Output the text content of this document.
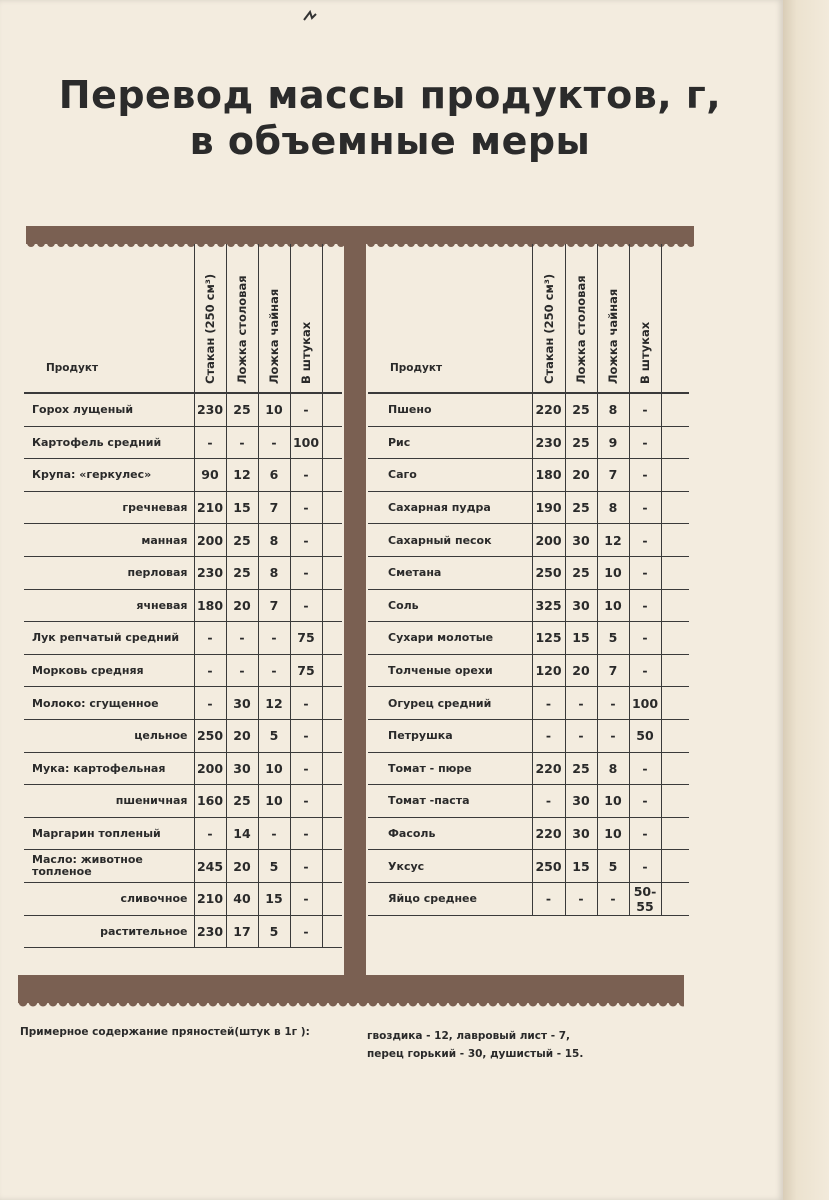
Перевод массы продуктов, г,
в объемные меры
Продукт	Стакан (250 см³)	Ложка столовая	Ложка чайная	В штуках	

Горох лущеный	230	25	10	-	
Картофель средний	-	-	-	100	
Крупа: «геркулес»	90	12	6	-	
гречневая	210	15	7	-	
манная	200	25	8	-	
перловая	230	25	8	-	
ячневая	180	20	7	-	
Лук репчатый средний	-	-	-	75	
Морковь средняя	-	-	-	75	
Молоко: сгущенное	-	30	12	-	
цельное	250	20	5	-	
Мука: картофельная	200	30	10	-	
пшеничная	160	25	10	-	
Маргарин топленый	-	14	-	-	
Масло: животное топленое	245	20	5	-	
сливочное	210	40	15	-	
растительное	230	17	5	-	
Продукт	Стакан (250 см³)	Ложка столовая	Ложка чайная	В штуках	

Пшено	220	25	8	-	
Рис	230	25	9	-	
Саго	180	20	7	-	
Сахарная пудра	190	25	8	-	
Сахарный песок	200	30	12	-	
Сметана	250	25	10	-	
Соль	325	30	10	-	
Сухари молотые	125	15	5	-	
Толченые орехи	120	20	7	-	
Огурец средний	-	-	-	100	
Петрушка	-	-	-	50	
Томат - пюре	220	25	8	-	
Томат -паста	-	30	10	-	
Фасоль	220	30	10	-	
Уксус	250	15	5	-	
Яйцо среднее	-	-	-	50-55	
Примерное содержание пряностей(штук в 1г ):	гвоздика - 12, лавровый лист - 7,
перец горький - 30, душистый - 15.
